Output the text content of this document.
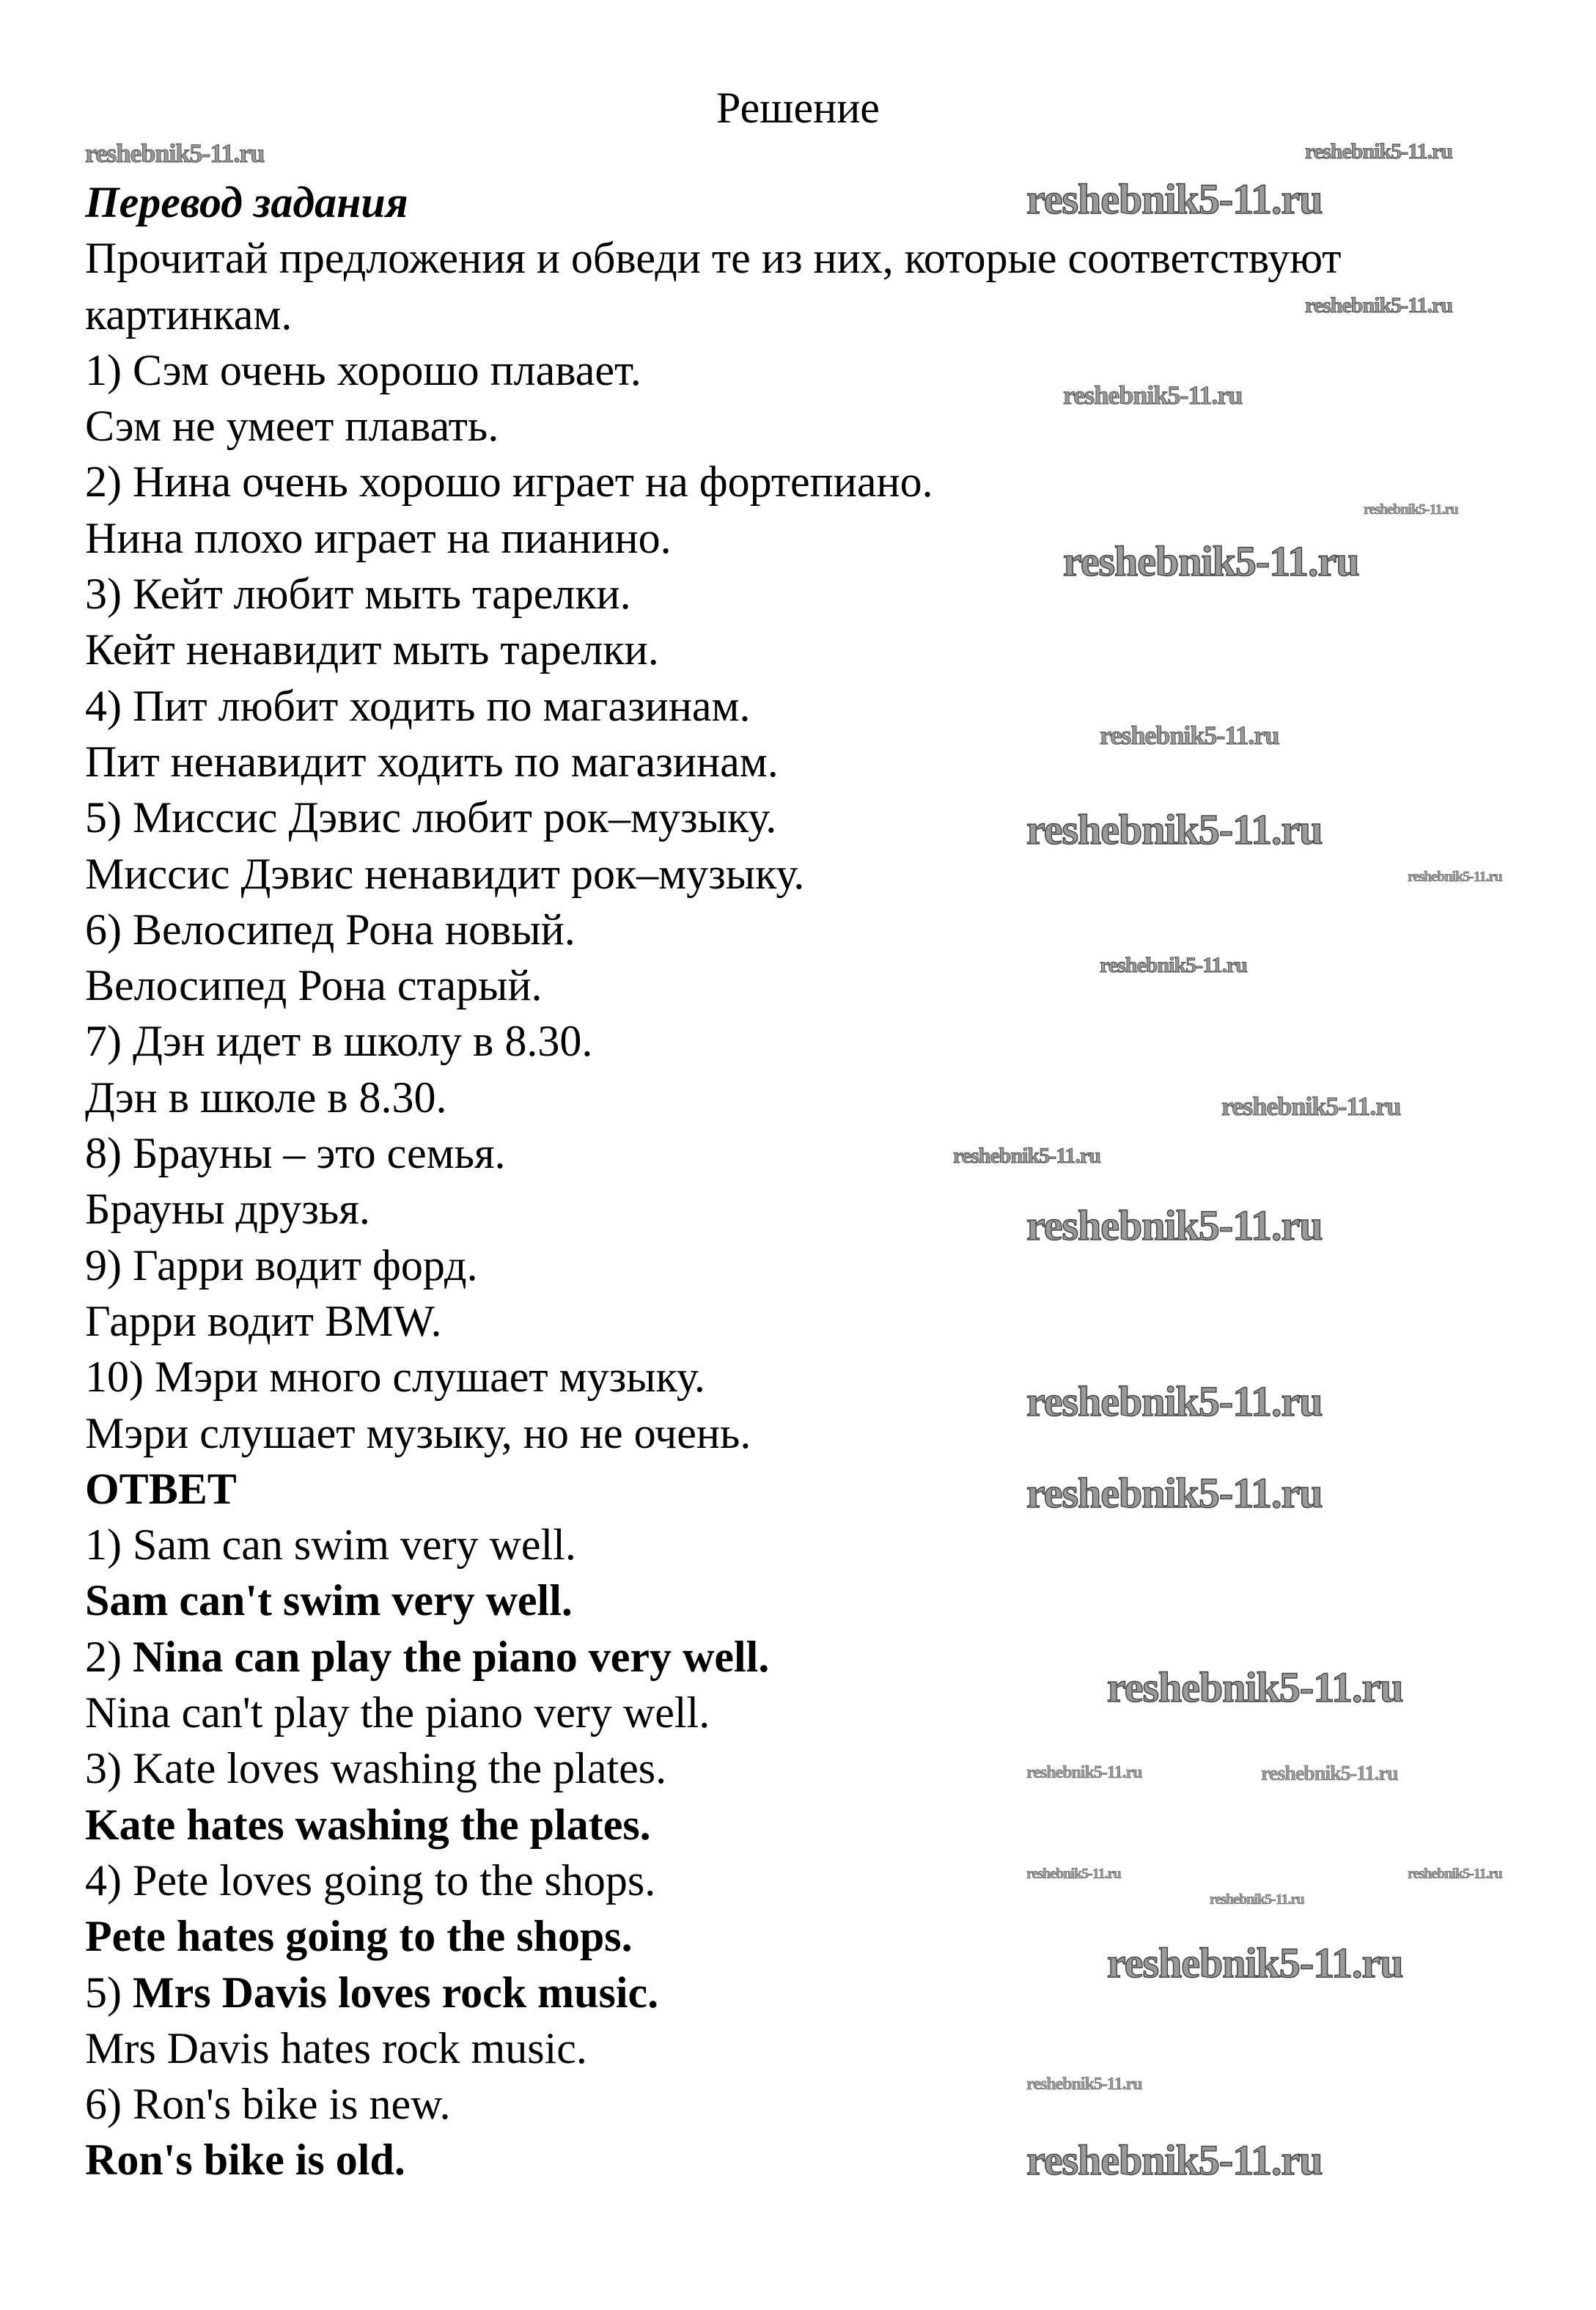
Решение
Перевод задания
Прочитай предложения и обведи те из них, которые соответствуют
картинкам.
1) Сэм очень хорошо плавает.
Сэм не умеет плавать.
2) Нина очень хорошо играет на фортепиано.
Нина плохо играет на пианино.
3) Кейт любит мыть тарелки.
Кейт ненавидит мыть тарелки.
4) Пит любит ходить по магазинам.
Пит ненавидит ходить по магазинам.
5) Миссис Дэвис любит рок–музыку.
Миссис Дэвис ненавидит рок–музыку.
6) Велосипед Рона новый.
Велосипед Рона старый.
7) Дэн идет в школу в 8.30.
Дэн в школе в 8.30.
8) Брауны – это семья.
Брауны друзья.
9) Гарри водит форд.
Гарри водит BMW.
10) Мэри много слушает музыку.
Мэри слушает музыку, но не очень.
ОТВЕТ
1) Sam can swim very well.
Sam can't swim very well.
2) Nina can play the piano very well.
Nina can't play the piano very well.
3) Kate loves washing the plates.
Kate hates washing the plates.
4) Pete loves going to the shops.
Pete hates going to the shops.
5) Mrs Davis loves rock music.
Mrs Davis hates rock music.
6) Ron's bike is new.
Ron's bike is old.
reshebnik5-11.ru	reshebnik5-11.ru
reshebnik5-11.ru
reshebnik5-11.ru
reshebnik5-11.ru
reshebnik5-11.ru
reshebnik5-11.ru
reshebnik5-11.ru
reshebnik5-11.ru
reshebnik5-11.ru
reshebnik5-11.ru
reshebnik5-11.ru
reshebnik5-11.ru
reshebnik5-11.ru
reshebnik5-11.ru
reshebnik5-11.ru
reshebnik5-11.ru
reshebnik5-11.ru	reshebnik5-11.ru
reshebnik5-11.ru
reshebnik5-11.ru
reshebnik5-11.ru
reshebnik5-11.ru
reshebnik5-11.ru
reshebnik5-11.ru
